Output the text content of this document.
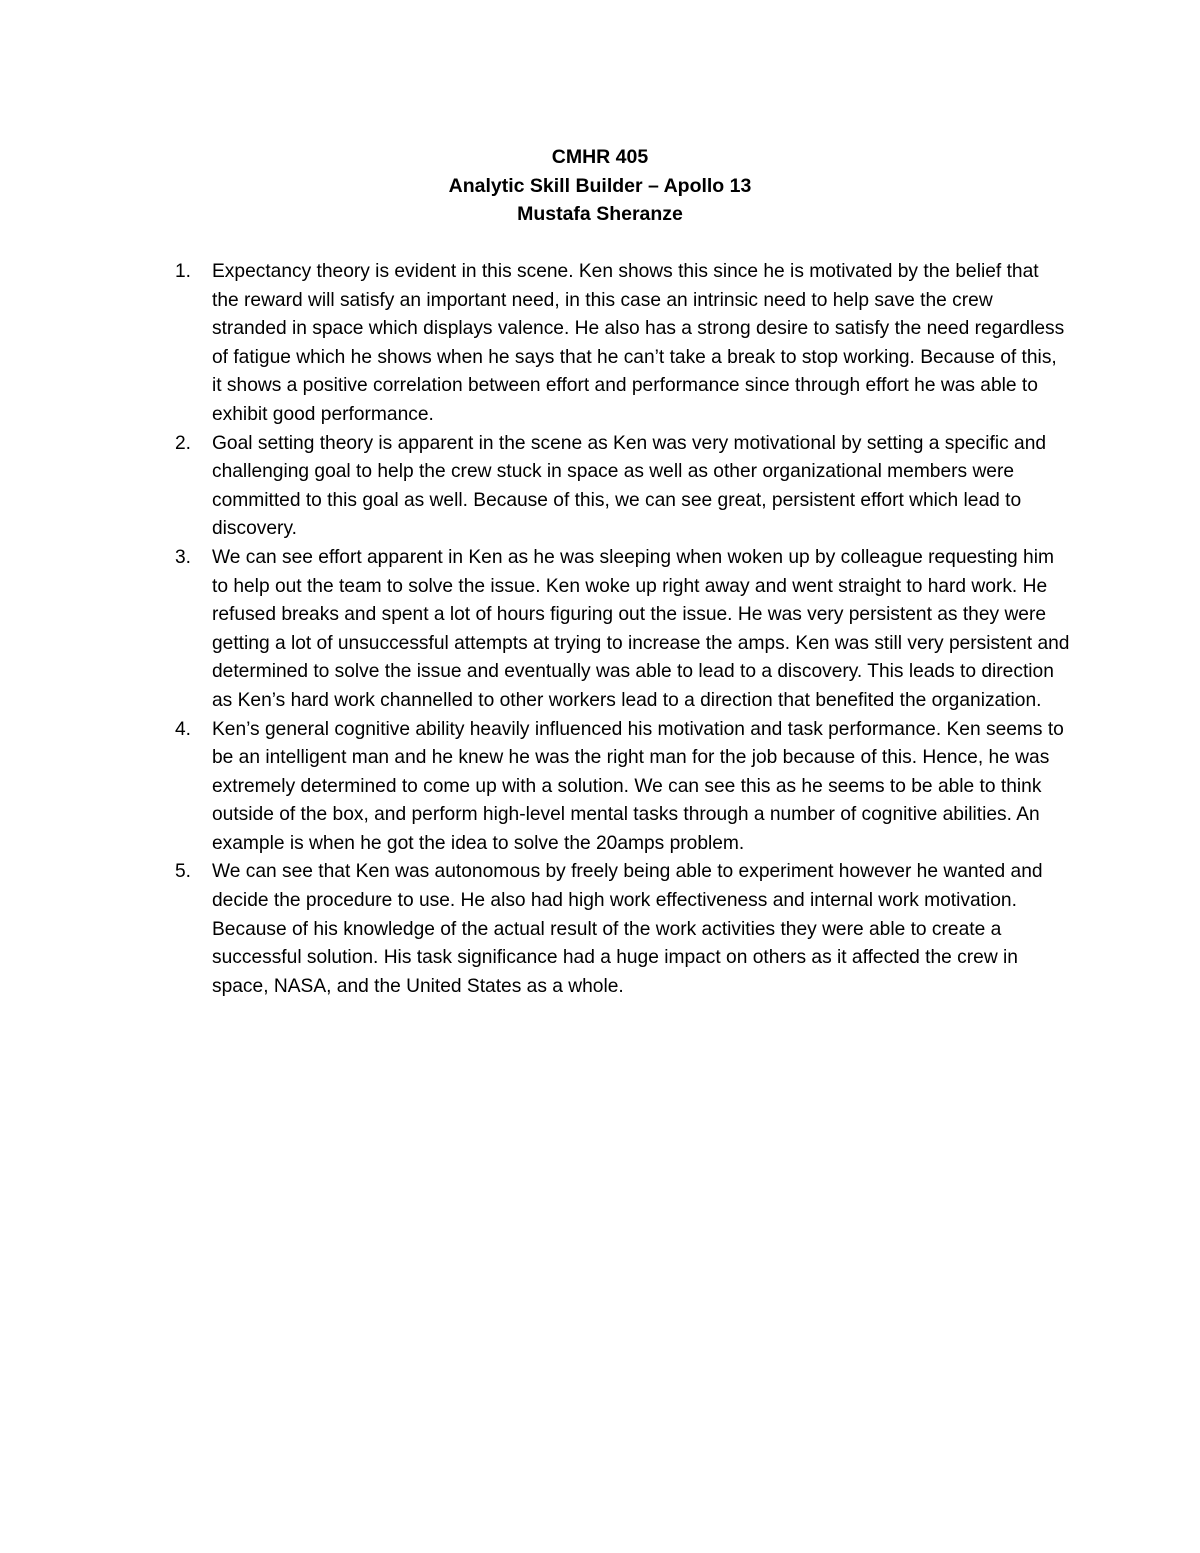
CMHR 405
Analytic Skill Builder – Apollo 13
Mustafa Sheranze
1. Expectancy theory is evident in this scene. Ken shows this since he is motivated by the belief that the reward will satisfy an important need, in this case an intrinsic need to help save the crew stranded in space which displays valence. He also has a strong desire to satisfy the need regardless of fatigue which he shows when he says that he can’t take a break to stop working. Because of this, it shows a positive correlation between effort and performance since through effort he was able to exhibit good performance.
2. Goal setting theory is apparent in the scene as Ken was very motivational by setting a specific and challenging goal to help the crew stuck in space as well as other organizational members were committed to this goal as well. Because of this, we can see great, persistent effort which lead to discovery.
3. We can see effort apparent in Ken as he was sleeping when woken up by colleague requesting him to help out the team to solve the issue. Ken woke up right away and went straight to hard work. He refused breaks and spent a lot of hours figuring out the issue. He was very persistent as they were getting a lot of unsuccessful attempts at trying to increase the amps. Ken was still very persistent and determined to solve the issue and eventually was able to lead to a discovery. This leads to direction as Ken’s hard work channelled to other workers lead to a direction that benefited the organization.
4. Ken’s general cognitive ability heavily influenced his motivation and task performance. Ken seems to be an intelligent man and he knew he was the right man for the job because of this. Hence, he was extremely determined to come up with a solution. We can see this as he seems to be able to think outside of the box, and perform high-level mental tasks through a number of cognitive abilities. An example is when he got the idea to solve the 20amps problem.
5. We can see that Ken was autonomous by freely being able to experiment however he wanted and decide the procedure to use. He also had high work effectiveness and internal work motivation. Because of his knowledge of the actual result of the work activities they were able to create a successful solution. His task significance had a huge impact on others as it affected the crew in space, NASA, and the United States as a whole.
